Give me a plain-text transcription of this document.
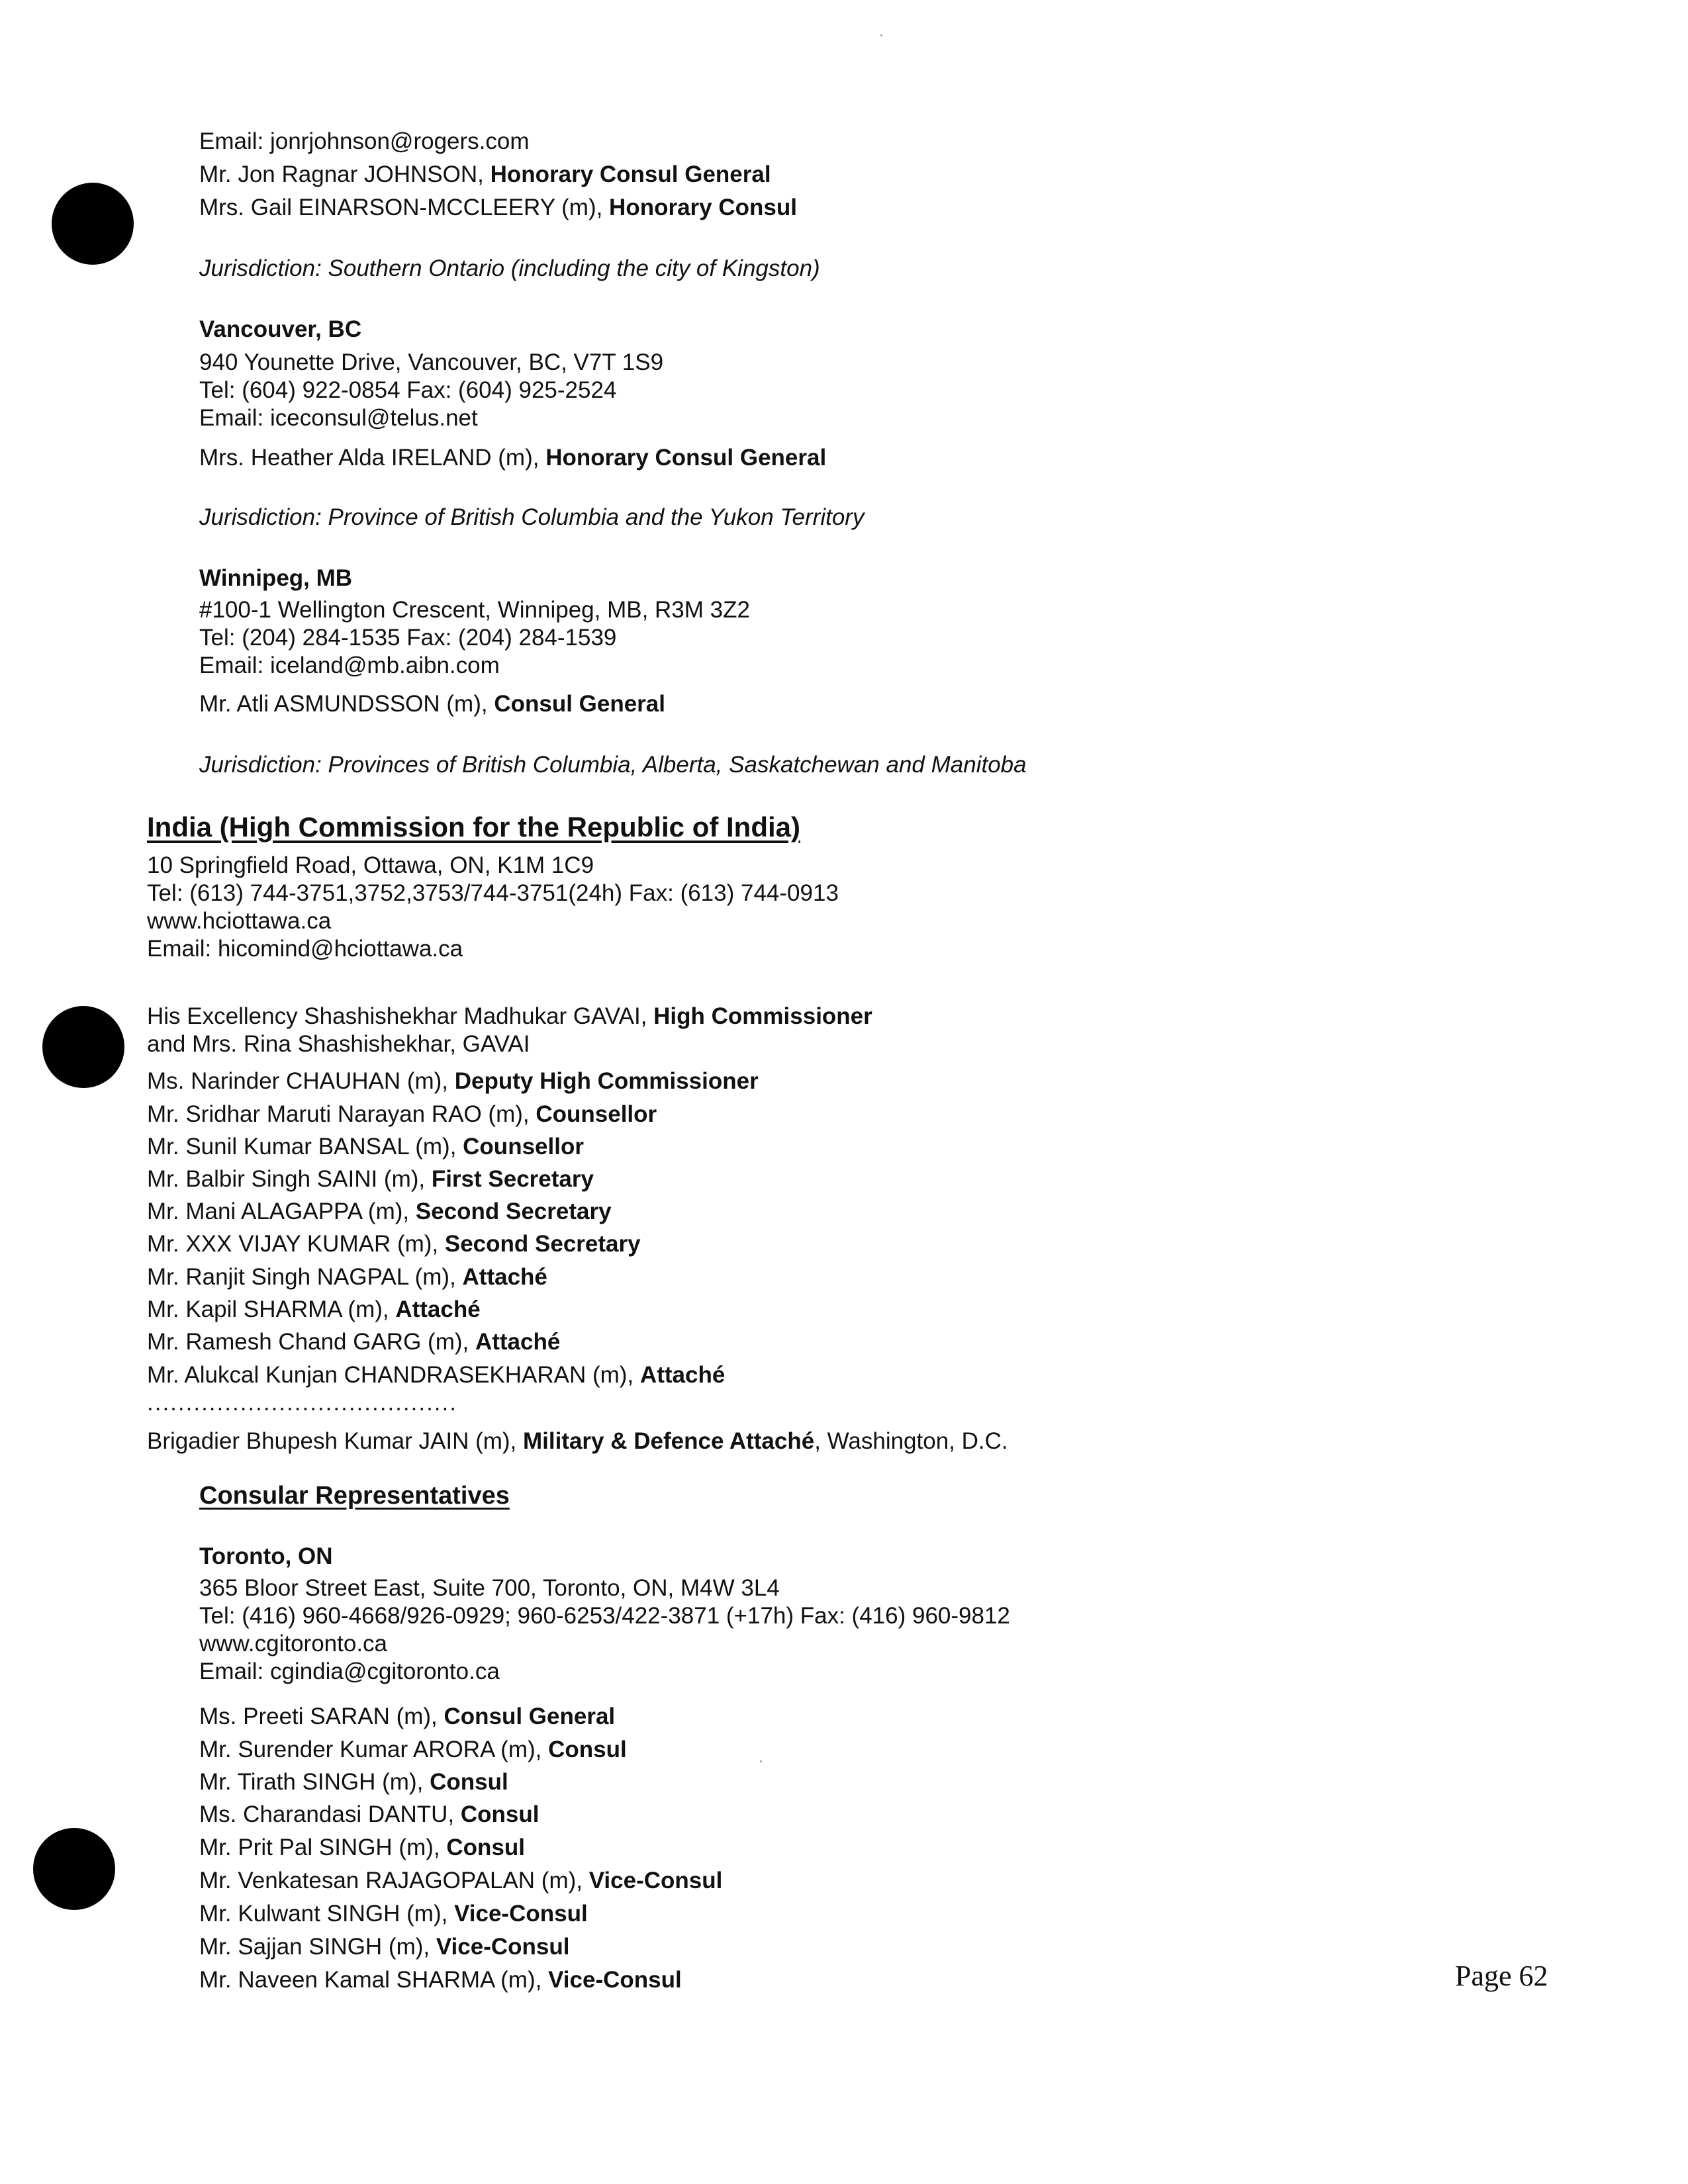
Email: jonrjohnson@rogers.com
Mr. Jon Ragnar JOHNSON, Honorary Consul General
Mrs. Gail EINARSON-MCCLEERY (m), Honorary Consul
Jurisdiction: Southern Ontario (including the city of Kingston)
Vancouver, BC
940 Younette Drive, Vancouver, BC, V7T 1S9
Tel: (604) 922-0854 Fax: (604) 925-2524
Email: iceconsul@telus.net
Mrs. Heather Alda IRELAND (m), Honorary Consul General
Jurisdiction: Province of British Columbia and the Yukon Territory
Winnipeg, MB
#100-1 Wellington Crescent, Winnipeg, MB, R3M 3Z2
Tel: (204) 284-1535 Fax: (204) 284-1539
Email: iceland@mb.aibn.com
Mr. Atli ASMUNDSSON (m), Consul General
Jurisdiction: Provinces of British Columbia, Alberta, Saskatchewan and Manitoba
India (High Commission for the Republic of India)
10 Springfield Road, Ottawa, ON, K1M 1C9
Tel: (613) 744-3751,3752,3753/744-3751(24h) Fax: (613) 744-0913
www.hciottawa.ca
Email: hicomind@hciottawa.ca
His Excellency Shashishekhar Madhukar GAVAI, High Commissioner
and Mrs. Rina Shashishekhar, GAVAI
Ms. Narinder CHAUHAN (m), Deputy High Commissioner
Mr. Sridhar Maruti Narayan RAO (m), Counsellor
Mr. Sunil Kumar BANSAL (m), Counsellor
Mr. Balbir Singh SAINI (m), First Secretary
Mr. Mani ALAGAPPA (m), Second Secretary
Mr. XXX VIJAY KUMAR (m), Second Secretary
Mr. Ranjit Singh NAGPAL (m), Attaché
Mr. Kapil SHARMA (m), Attaché
Mr. Ramesh Chand GARG (m), Attaché
Mr. Alukcal Kunjan CHANDRASEKHARAN (m), Attaché
........................................
Brigadier Bhupesh Kumar JAIN (m), Military & Defence Attaché, Washington, D.C.
Consular Representatives
Toronto, ON
365 Bloor Street East, Suite 700, Toronto, ON, M4W 3L4
Tel: (416) 960-4668/926-0929; 960-6253/422-3871 (+17h) Fax: (416) 960-9812
www.cgitoronto.ca
Email: cgindia@cgitoronto.ca
Ms. Preeti SARAN (m), Consul General
Mr. Surender Kumar ARORA (m), Consul
Mr. Tirath SINGH (m), Consul
Ms. Charandasi DANTU, Consul
Mr. Prit Pal SINGH (m), Consul
Mr. Venkatesan RAJAGOPALAN (m), Vice-Consul
Mr. Kulwant SINGH (m), Vice-Consul
Mr. Sajjan SINGH (m), Vice-Consul
Mr. Naveen Kamal SHARMA (m), Vice-Consul	Page 62
